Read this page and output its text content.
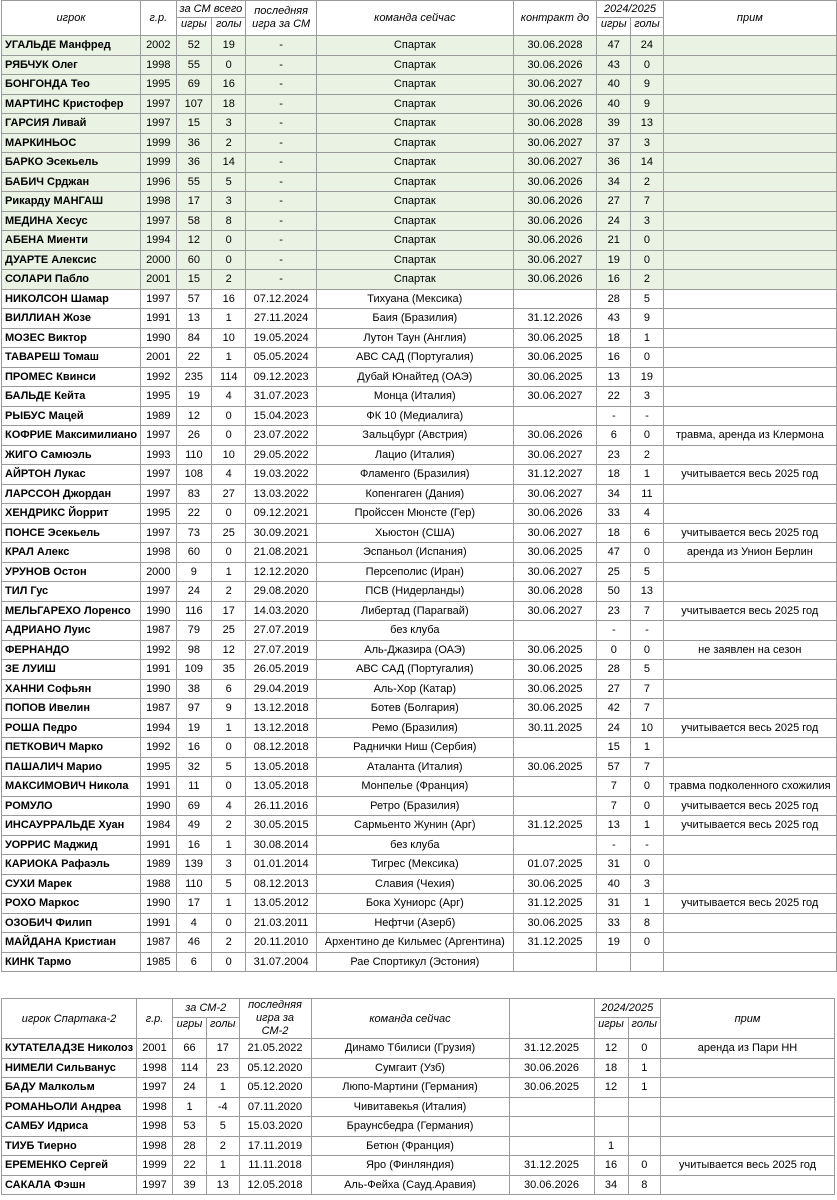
игрок	г.р.	за СМ всего		последняя игра за СМ	команда сейчас	контракт до	2024/2025		прим
		игры	голы				игры	голы	
УГАЛЬДЕ Манфред	2002	52	19	-	Спартак	30.06.2028	47	24	
РЯБЧУК Олег	1998	55	0	-	Спартак	30.06.2026	43	0	
БОНГОНДА Тео	1995	69	16	-	Спартак	30.06.2027	40	9	
МАРТИНС Кристофер	1997	107	18	-	Спартак	30.06.2026	40	9	
ГАРСИЯ Ливай	1997	15	3	-	Спартак	30.06.2028	39	13	
МАРКИНЬОС	1999	36	2	-	Спартак	30.06.2027	37	3	
БАРКО Эсекьель	1999	36	14	-	Спартак	30.06.2027	36	14	
БАБИЧ Срджан	1996	55	5	-	Спартак	30.06.2026	34	2	
Рикарду МАНГАШ	1998	17	3	-	Спартак	30.06.2026	27	7	
МЕДИНА Хесус	1997	58	8	-	Спартак	30.06.2026	24	3	
АБЕНА Миенти	1994	12	0	-	Спартак	30.06.2026	21	0	
ДУАРТЕ Алексис	2000	60	0	-	Спартак	30.06.2027	19	0	
СОЛАРИ Пабло	2001	15	2	-	Спартак	30.06.2026	16	2	
НИКОЛСОН Шамар	1997	57	16	07.12.2024	Тихуана (Мексика)		28	5	
ВИЛЛИАН Жозе	1991	13	1	27.11.2024	Баия (Бразилия)	31.12.2026	43	9	
МОЗЕС Виктор	1990	84	10	19.05.2024	Лутон Таун (Англия)	30.06.2025	18	1	
ТАВАРЕШ Томаш	2001	22	1	05.05.2024	АВС САД (Португалия)	30.06.2025	16	0	
ПРОМЕС Квинси	1992	235	114	09.12.2023	Дубай Юнайтед (ОАЭ)	30.06.2025	13	19	
БАЛЬДЕ Кейта	1995	19	4	31.07.2023	Монца (Италия)	30.06.2027	22	3	
РЫБУС Мацей	1989	12	0	15.04.2023	ФК 10 (Медиалига)		-	-	
КОФРИЕ Максимилиано	1997	26	0	23.07.2022	Зальцбург (Австрия)	30.06.2026	6	0	травма, аренда из Клермона
ЖИГО Самюэль	1993	110	10	29.05.2022	Лацио (Италия)	30.06.2027	23	2	
АЙРТОН Лукас	1997	108	4	19.03.2022	Фламенго (Бразилия)	31.12.2027	18	1	учитывается весь 2025 год
ЛАРССОН Джордан	1997	83	27	13.03.2022	Копенгаген (Дания)	30.06.2027	34	11	
ХЕНДРИКС Йоррит	1995	22	0	09.12.2021	Пройссен Мюнсте (Гер)	30.06.2026	33	4	
ПОНСЕ Эсекьель	1997	73	25	30.09.2021	Хьюстон (США)	30.06.2027	18	6	учитывается весь 2025 год
КРАЛ Алекс	1998	60	0	21.08.2021	Эспаньол (Испания)	30.06.2025	47	0	аренда из Унион Берлин
УРУНОВ Остон	2000	9	1	12.12.2020	Персеполис (Иран)	30.06.2027	25	5	
ТИЛ Гус	1997	24	2	29.08.2020	ПСВ (Нидерланды)	30.06.2028	50	13	
МЕЛЬГАРЕХО Лоренсо	1990	116	17	14.03.2020	Либертад (Парагвай)	30.06.2027	23	7	учитывается весь 2025 год
АДРИАНО Луис	1987	79	25	27.07.2019	без клуба		-	-	
ФЕРНАНДО	1992	98	12	27.07.2019	Аль-Джазира (ОАЭ)	30.06.2025	0	0	не заявлен на сезон
ЗЕ ЛУИШ	1991	109	35	26.05.2019	АВС САД (Португалия)	30.06.2025	28	5	
ХАННИ Софьян	1990	38	6	29.04.2019	Аль-Хор (Катар)	30.06.2025	27	7	
ПОПОВ Ивелин	1987	97	9	13.12.2018	Ботев (Болгария)	30.06.2025	42	7	
РОША Педро	1994	19	1	13.12.2018	Ремо (Бразилия)	30.11.2025	24	10	учитывается весь 2025 год
ПЕТКОВИЧ Марко	1992	16	0	08.12.2018	Раднички Ниш (Сербия)		15	1	
ПАШАЛИЧ Марио	1995	32	5	13.05.2018	Аталанта (Италия)	30.06.2025	57	7	
МАКСИМОВИЧ Никола	1991	11	0	13.05.2018	Монпелье (Франция)		7	0	травма подколенного схожилия
РОМУЛО	1990	69	4	26.11.2016	Ретро (Бразилия)		7	0	учитывается весь 2025 год
ИНСАУРРАЛЬДЕ Хуан	1984	49	2	30.05.2015	Сармьенто Жунин (Арг)	31.12.2025	13	1	учитывается весь 2025 год
УОРРИС Маджид	1991	16	1	30.08.2014	без клуба		-	-	
КАРИОКА Рафаэль	1989	139	3	01.01.2014	Тигрес (Мексика)	01.07.2025	31	0	
СУХИ Марек	1988	110	5	08.12.2013	Славия (Чехия)	30.06.2025	40	3	
РОХО Маркос	1990	17	1	13.05.2012	Бока Хуниорс (Арг)	31.12.2025	31	1	учитывается весь 2025 год
ОЗОБИЧ Филип	1991	4	0	21.03.2011	Нефтчи (Азерб)	30.06.2025	33	8	
МАЙДАНА Кристиан	1987	46	2	20.11.2010	Архентино де Кильмес (Аргентина)	31.12.2025	19	0	
КИНК Тармо	1985	6	0	31.07.2004	Рае Спортикул (Эстония)				
игрок Спартака-2	г.р.	за СМ-2		последняя игра за СМ-2	команда сейчас		2024/2025		прим
		игры	голы				игры	голы	
КУТАТЕЛАДЗЕ Николоз	2001	66	17	21.05.2022	Динамо Тбилиси (Грузия)	31.12.2025	12	0	аренда из Пари НН
НИМЕЛИ Сильванус	1998	114	23	05.12.2020	Сумгаит (Узб)	30.06.2026	18	1	
БАДУ Малкольм	1997	24	1	05.12.2020	Люпо-Мартини (Германия)	30.06.2025	12	1	
РОМАНЬОЛИ Андреа	1998	1	-4	07.11.2020	Чивитавекья (Италия)				
САМБУ Идриса	1998	53	5	15.03.2020	Браунсбедра (Германия)				
ТИУБ Тиерно	1998	28	2	17.11.2019	Бетюн (Франция)		1		
ЕРЕМЕНКО Сергей	1999	22	1	11.11.2018	Яро (Финляндия)	31.12.2025	16	0	учитывается весь 2025 год
САКАЛА Фэшн	1997	39	13	12.05.2018	Аль-Фейха (Сауд.Аравия)	30.06.2026	34	8	
